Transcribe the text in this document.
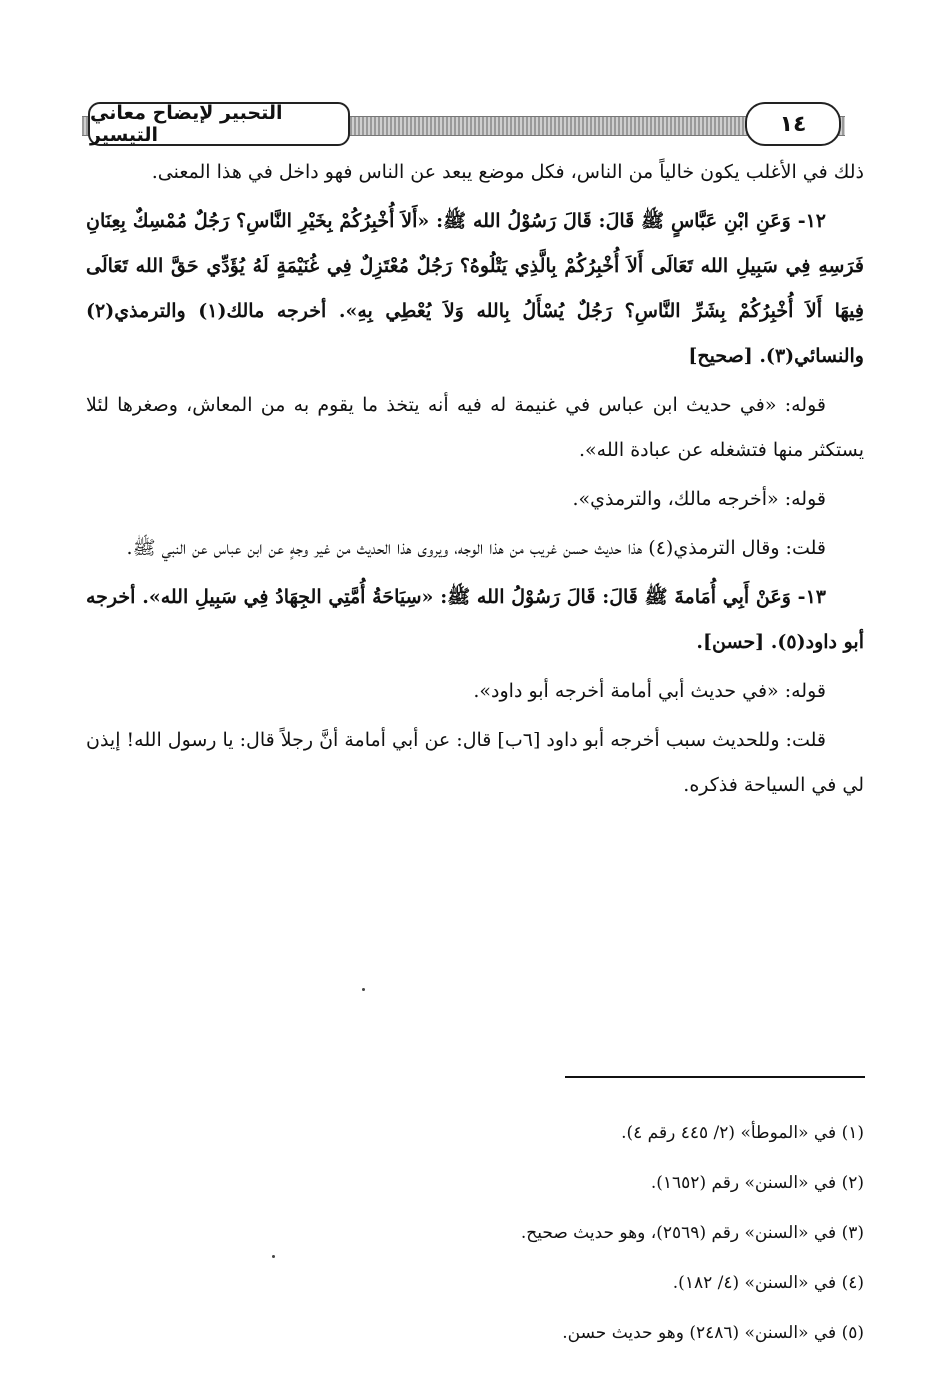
التحبير لإيضاح معاني التيسير	١٤

ذلك في الأغلب يكون خالياً من الناس، فكل موضع يبعد عن الناس فهو داخل في هذا المعنى.

١٢- وَعَنِ ابْنِ عَبَّاسٍ ﷺ قَالَ: قَالَ رَسُوْلُ الله ﷺ: «أَلاَ أُخْبِرُكُمْ بِخَيْرِ النَّاسِ؟ رَجُلٌ مُمْسِكٌ بِعِنَانِ فَرَسِهِ فِي سَبِيلِ الله تَعَالَى أَلاَ أُخْبِرُكُمْ بِالَّذِي يَتْلُوهُ؟ رَجُلٌ مُعْتَزِلٌ فِي غُنَيْمَةٍ لَهُ يُؤَدِّي حَقَّ الله تَعَالَى فِيهَا أَلاَ أُخْبِرُكُمْ بِشَرِّ النَّاسِ؟ رَجُلٌ يُسْأَلُ بِالله وَلاَ يُعْطِي بِهِ». أخرجه مالك(١) والترمذي(٢) والنسائي(٣). [صحيح]

قوله: «في حديث ابن عباس في غنيمة له فيه أنه يتخذ ما يقوم به من المعاش، وصغرها لئلا يستكثر منها فتشغله عن عبادة الله».

قوله: «أخرجه مالك، والترمذي».

قلت: وقال الترمذي(٤) هذا حديث حسن غريب من هذا الوجه، ويروى هذا الحديث من غير وجهٍ عن ابن عباس عن النبي ﷺ.

١٣- وَعَنْ أَبِي أُمَامةَ ﷺ قَالَ: قَالَ رَسُوْلُ الله ﷺ: «سِيَاحَةُ أُمَّتِي الجِهَادُ فِي سَبِيلِ الله». أخرجه أبو داود(٥). [حسن].

قوله: «في حديث أبي أمامة أخرجه أبو داود».

قلت: وللحديث سبب أخرجه أبو داود [٦ب] قال: عن أبي أمامة أنَّ رجلاً قال: يا رسول الله! إيذن لي في السياحة فذكره.

(١) في «الموطأ» (٢/ ٤٤٥ رقم ٤).
(٢) في «السنن» رقم (١٦٥٢).
(٣) في «السنن» رقم (٢٥٦٩)، وهو حديث صحيح.
(٤) في «السنن» (٤/ ١٨٢).
(٥) في «السنن» (٢٤٨٦) وهو حديث حسن.
